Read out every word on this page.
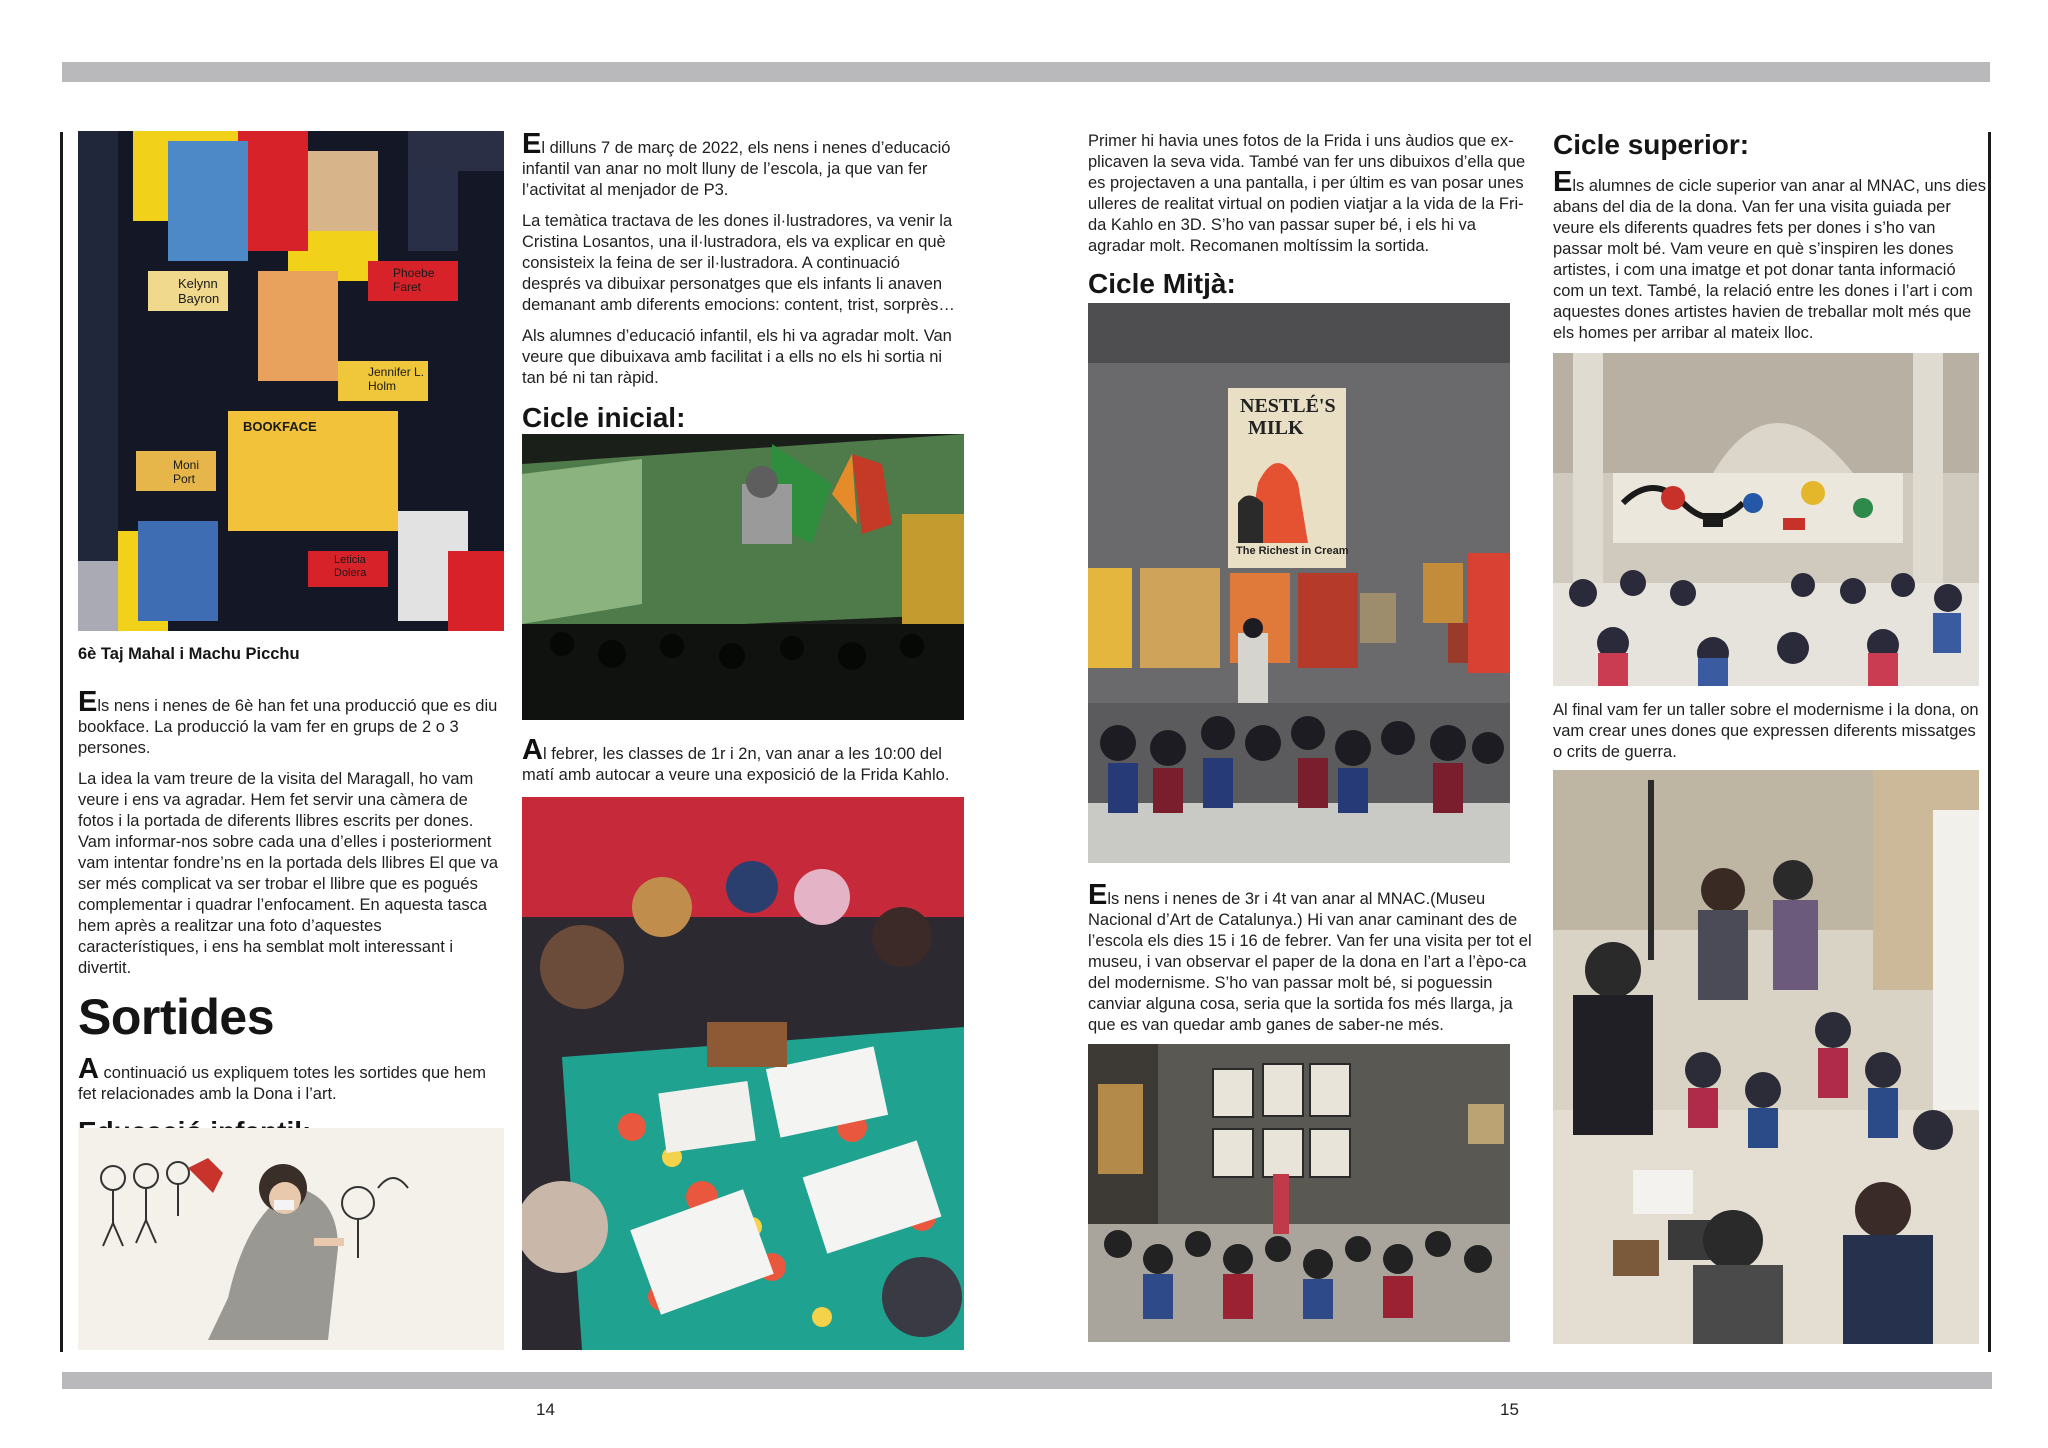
Kelynn Bayron
Phoebe Faret
Jennifer L. Holm
BOOKFACE
Moni Port
Leticia Dolera
6è Taj Mahal i Machu Picchu

Els nens i nenes de 6è han fet una producció que es diu bookface. La producció la vam fer en grups de 2 o 3 persones.

La idea la vam treure de la visita del Maragall, ho vam veure i ens va agradar. Hem fet servir una càmera de fotos i la portada de diferents llibres escrits per dones. Vam informar-nos sobre cada una d’elles i posteriorment vam intentar fondre’ns en la portada dels llibres El que va ser més complicat va ser trobar el llibre que es pogués complementar i quadrar l’enfocament. En aquesta tasca hem après a realitzar una foto d’aquestes característiques, i ens ha semblat molt interessant i divertit.

Sortides

A continuació us expliquem totes les sortides que hem fet relacionades amb la Dona i l’art.

El dilluns 7 de març de 2022, els nens i nenes d’educació infantil van anar no molt lluny de l’escola, ja que van fer l’activitat al menjador de P3.

La temàtica tractava de les dones il·lustradores, va venir la Cristina Losantos, una il·lustradora, els va explicar en què consisteix la feina de ser il·lustradora. A continuació després va dibuixar personatges que els infants li anaven demanant amb diferents emocions: content, trist, sorprès…

Als alumnes d’educació infantil, els hi va agradar molt. Van veure que dibuixava amb facilitat i a ells no els hi sortia ni tan bé ni tan ràpid.

Cicle inicial:

Al febrer, les classes de 1r i 2n, van anar a les 10:00 del matí amb autocar a veure una exposició de la Frida Kahlo.

14

Primer hi havia unes fotos de la Frida i uns àudios que ex-plicaven la seva vida. També van fer uns dibuixos d’ella que es projectaven a una pantalla, i per últim es van posar unes ulleres de realitat virtual on podien viatjar a la vida de la Fri-da Kahlo en 3D. S’ho van passar super bé, i els hi va agradar molt. Recomanen moltíssim la sortida.

Cicle Mitjà:
NESTLÉ'S
MILK
The Richest in Cream

Els nens i nenes de 3r i 4t van anar al MNAC.(Museu Nacional d’Art de Catalunya.) Hi van anar caminant des de l’escola els dies 15 i 16 de febrer. Van fer una visita per tot el museu, i van observar el paper de la dona en l’art a l’èpo-ca del modernisme. S’ho van passar molt bé, si poguessin canviar alguna cosa, seria que la sortida fos més llarga, ja que es van quedar amb ganes de saber-ne més.

Cicle superior:

Els alumnes de cicle superior van anar al MNAC, uns dies abans del dia de la dona. Van fer una visita guiada per veure els diferents quadres fets per dones i s’ho van passar molt bé. Vam veure en què s’inspiren les dones artistes, i com una imatge et pot donar tanta informació com un text. També, la relació entre les dones i l’art i com aquestes dones artistes havien de treballar molt més que els homes per arribar al mateix lloc.

Al final vam fer un taller sobre el modernisme i la dona, on vam crear unes dones que expressen diferents missatges o crits de guerra.

15
